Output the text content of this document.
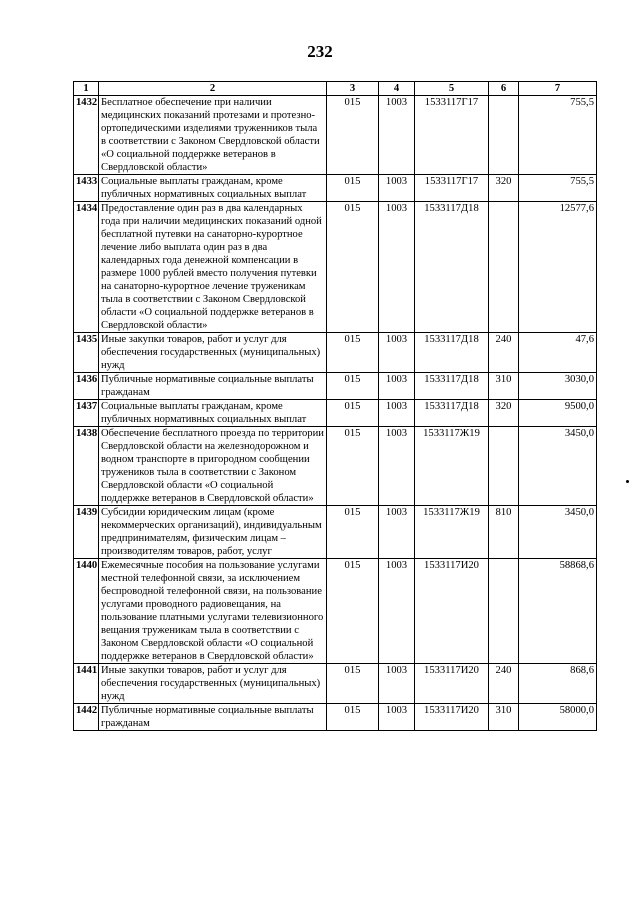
232
1	2	3	4	5	6	7
1432	Бесплатное обеспечение при наличии медицинских показаний протезами и протезно-ортопедическими изделиями труженников тыла в соответствии с Законом Свердловской области «О социальной поддержке ветеранов в Свердловской области»	015	1003	1533117Г17		755,5
1433	Социальные выплаты гражданам, кроме публичных нормативных социальных выплат	015	1003	1533117Г17	320	755,5
1434	Предоставление один раз в два календарных года при наличии медицинских показаний одной бесплатной путевки на санаторно-курортное лечение либо выплата один раз в два календарных года денежной компенсации в размере 1000 рублей вместо получения путевки на санаторно-курортное лечение труженикам тыла в соответствии с Законом Свердловской области «О социальной поддержке ветеранов в Свердловской области»	015	1003	1533117Д18		12577,6
1435	Иные закупки товаров, работ и услуг для обеспечения государственных (муниципальных) нужд	015	1003	1533117Д18	240	47,6
1436	Публичные нормативные социальные выплаты гражданам	015	1003	1533117Д18	310	3030,0
1437	Социальные выплаты гражданам, кроме публичных нормативных социальных выплат	015	1003	1533117Д18	320	9500,0
1438	Обеспечение бесплатного проезда по территории Свердловской области на железнодорожном и водном транспорте в пригородном сообщении тружеников тыла в соответствии с Законом Свердловской области «О социальной поддержке ветеранов в Свердловской области»	015	1003	1533117Ж19		3450,0
1439	Субсидии юридическим лицам (кроме некоммерческих организаций), индивидуальным предпринимателям, физическим лицам – производителям товаров, работ, услуг	015	1003	1533117Ж19	810	3450,0
1440	Ежемесячные пособия на пользование услугами местной телефонной связи, за исключением беспроводной телефонной связи, на пользование услугами проводного радиовещания, на пользование платными услугами телевизионного вещания труженикам тыла в соответствии с Законом Свердловской области «О социальной поддержке ветеранов в Свердловской области»	015	1003	1533117И20		58868,6
1441	Иные закупки товаров, работ и услуг для обеспечения государственных (муниципальных) нужд	015	1003	1533117И20	240	868,6
1442	Публичные нормативные социальные выплаты гражданам	015	1003	1533117И20	310	58000,0
